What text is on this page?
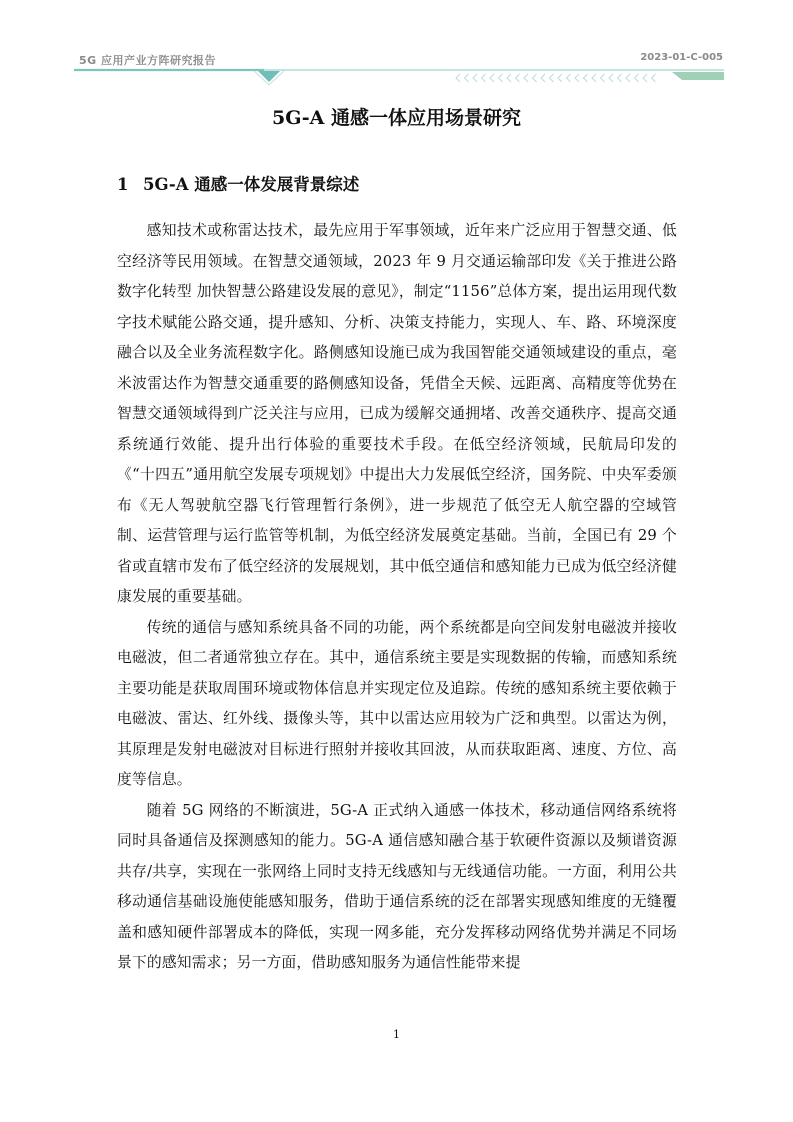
5G 应用产业方阵研究报告	2023-01-C-005
5G-A 通感一体应用场景研究
1 5G-A 通感一体发展背景综述

感知技术或称雷达技术，最先应用于军事领域，近年来广泛应用于智慧交通、低空经济等民用领域。在智慧交通领域，2023 年 9 月交通运输部印发《关于推进公路数字化转型 加快智慧公路建设发展的意见》，制定“1156”总体方案，提出运用现代数字技术赋能公路交通，提升感知、分析、决策支持能力，实现人、车、路、环境深度融合以及全业务流程数字化。路侧感知设施已成为我国智能交通领域建设的重点，毫米波雷达作为智慧交通重要的路侧感知设备，凭借全天候、远距离、高精度等优势在智慧交通领域得到广泛关注与应用，已成为缓解交通拥堵、改善交通秩序、提高交通系统通行效能、提升出行体验的重要技术手段。在低空经济领域，民航局印发的《“十四五”通用航空发展专项规划》中提出大力发展低空经济，国务院、中央军委颁布《无人驾驶航空器飞行管理暂行条例》，进一步规范了低空无人航空器的空域管制、运营管理与运行监管等机制，为低空经济发展奠定基础。当前，全国已有 29 个省或直辖市发布了低空经济的发展规划，其中低空通信和感知能力已成为低空经济健康发展的重要基础。

传统的通信与感知系统具备不同的功能，两个系统都是向空间发射电磁波并接收电磁波，但二者通常独立存在。其中，通信系统主要是实现数据的传输，而感知系统主要功能是获取周围环境或物体信息并实现定位及追踪。传统的感知系统主要依赖于电磁波、雷达、红外线、摄像头等，其中以雷达应用较为广泛和典型。以雷达为例，其原理是发射电磁波对目标进行照射并接收其回波，从而获取距离、速度、方位、高度等信息。

随着 5G 网络的不断演进，5G-A 正式纳入通感一体技术，移动通信网络系统将同时具备通信及探测感知的能力。5G-A 通信感知融合基于软硬件资源以及频谱资源共存/共享，实现在一张网络上同时支持无线感知与无线通信功能。一方面，利用公共移动通信基础设施使能感知服务，借助于通信系统的泛在部署实现感知维度的无缝覆盖和感知硬件部署成本的降低，实现一网多能，充分发挥移动网络优势并满足不同场景下的感知需求；另一方面，借助感知服务为通信性能带来提

1
